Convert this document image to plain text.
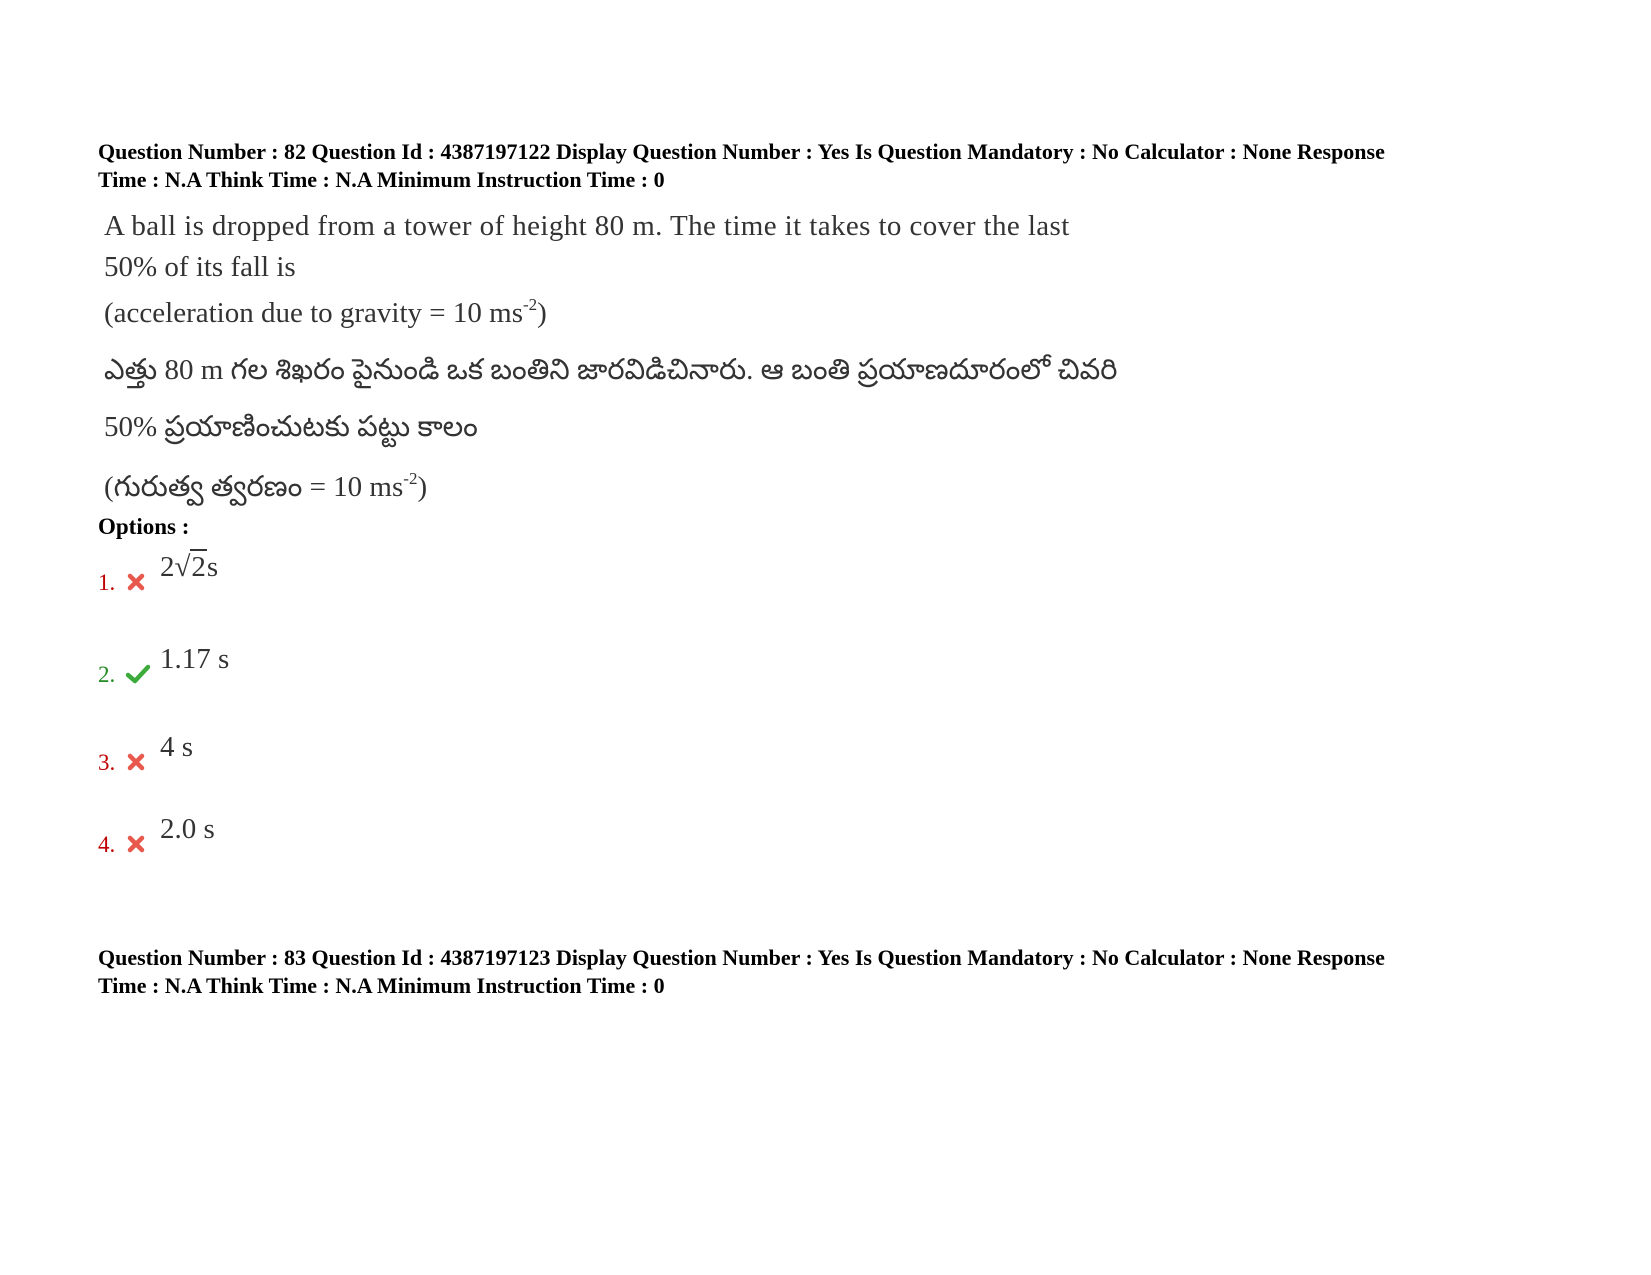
Question Number : 82 Question Id : 4387197122 Display Question Number : Yes Is Question Mandatory : No Calculator : None Response

Time : N.A Think Time : N.A Minimum Instruction Time : 0

A ball is dropped from a tower of height 80 m. The time it takes to cover the last

50% of its fall is

(acceleration due to gravity = 10 $ms^{-2}$)

ఎత్తు 80 m గల శిఖరం పైనుండి ఒక బంతిని జారవిడిచినారు. ఆ బంతి ప్రయాణదూరంలో చివరి

50% ప్రయాణించుటకు పట్టు కాలం

(గురుత్వ త్వరణం = 10 $ms^{-2}$)

Options :

1. 2√2s
2. 1.17 s
3. 4 s
4. 2.0 s

Question Number : 83 Question Id : 4387197123 Display Question Number : Yes Is Question Mandatory : No Calculator : None Response

Time : N.A Think Time : N.A Minimum Instruction Time : 0
